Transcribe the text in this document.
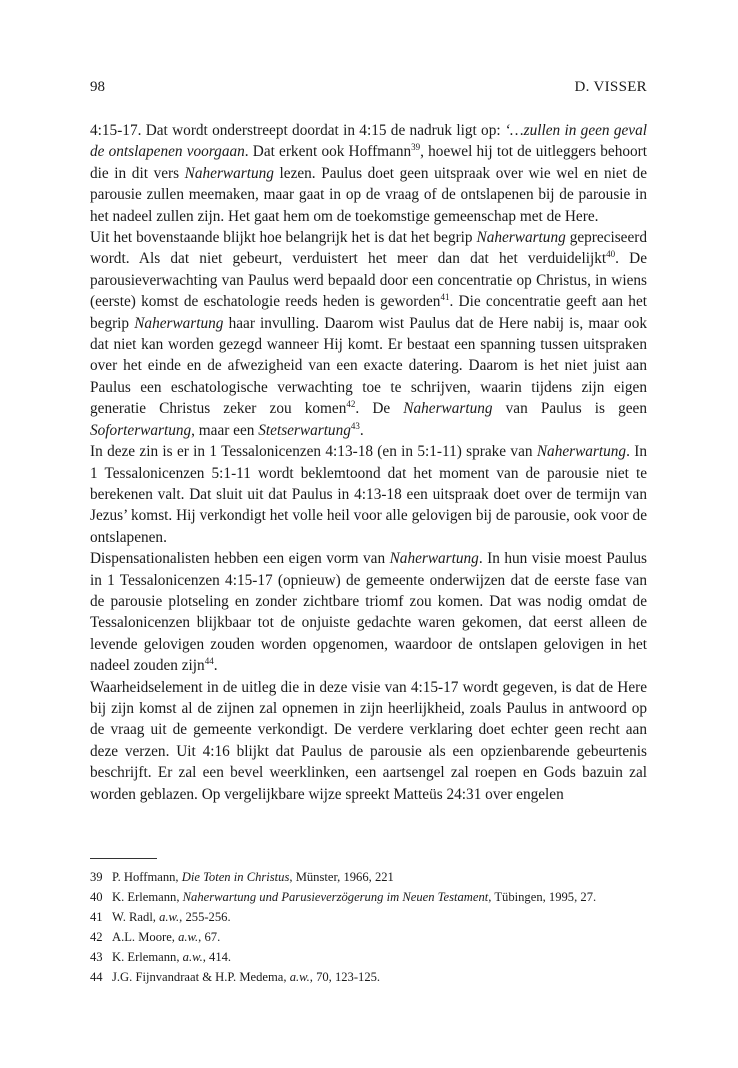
98	D. VISSER

4:15-17. Dat wordt onderstreept doordat in 4:15 de nadruk ligt op: ‘…zullen in geen geval de ontslapenen voorgaan. Dat erkent ook Hoffmann$^{39}$, hoewel hij tot de uitleggers behoort die in dit vers Naherwartung lezen. Paulus doet geen uitspraak over wie wel en niet de parousie zullen meemaken, maar gaat in op de vraag of de ontslapenen bij de parousie in het nadeel zullen zijn. Het gaat hem om de toekomstige gemeenschap met de Here.

Uit het bovenstaande blijkt hoe belangrijk het is dat het begrip Naherwartung gepreciseerd wordt. Als dat niet gebeurt, verduistert het meer dan dat het verduidelijkt$^{40}$. De parousieverwachting van Paulus werd bepaald door een concentratie op Christus, in wiens (eerste) komst de eschatologie reeds heden is geworden$^{41}$. Die concentratie geeft aan het begrip Naherwartung haar invulling. Daarom wist Paulus dat de Here nabij is, maar ook dat niet kan worden gezegd wanneer Hij komt. Er bestaat een spanning tussen uitspraken over het einde en de afwezigheid van een exacte datering. Daarom is het niet juist aan Paulus een eschatologische verwachting toe te schrijven, waarin tijdens zijn eigen generatie Christus zeker zou komen$^{42}$. De Naherwartung van Paulus is geen Soforterwartung, maar een Stetserwartung$^{43}$.

In deze zin is er in 1 Tessalonicenzen 4:13-18 (en in 5:1-11) sprake van Naherwartung. In 1 Tessalonicenzen 5:1-11 wordt beklemtoond dat het moment van de parousie niet te berekenen valt. Dat sluit uit dat Paulus in 4:13-18 een uitspraak doet over de termijn van Jezus’ komst. Hij verkondigt het volle heil voor alle gelovigen bij de parousie, ook voor de ontslapenen.

Dispensationalisten hebben een eigen vorm van Naherwartung. In hun visie moest Paulus in 1 Tessalonicenzen 4:15-17 (opnieuw) de gemeente onderwijzen dat de eerste fase van de parousie plotseling en zonder zichtbare triomf zou komen. Dat was nodig omdat de Tessalonicenzen blijkbaar tot de onjuiste gedachte waren gekomen, dat eerst alleen de levende gelovigen zouden worden opgenomen, waardoor de ontslapen gelovigen in het nadeel zouden zijn$^{44}$.

Waarheidselement in de uitleg die in deze visie van 4:15-17 wordt gegeven, is dat de Here bij zijn komst al de zijnen zal opnemen in zijn heerlijkheid, zoals Paulus in antwoord op de vraag uit de gemeente verkondigt. De verdere verklaring doet echter geen recht aan deze verzen. Uit 4:16 blijkt dat Paulus de parousie als een opzienbarende gebeurtenis beschrijft. Er zal een bevel weerklinken, een aartsengel zal roepen en Gods bazuin zal worden geblazen. Op vergelijkbare wijze spreekt Matteüs 24:31 over engelen

39 P. Hoffmann, Die Toten in Christus, Münster, 1966, 221
40 K. Erlemann, Naherwartung und Parusieverzögerung im Neuen Testament, Tübingen, 1995, 27.
41 W. Radl, a.w., 255-256.
42 A.L. Moore, a.w., 67.
43 K. Erlemann, a.w., 414.
44 J.G. Fijnvandraat & H.P. Medema, a.w., 70, 123-125.
